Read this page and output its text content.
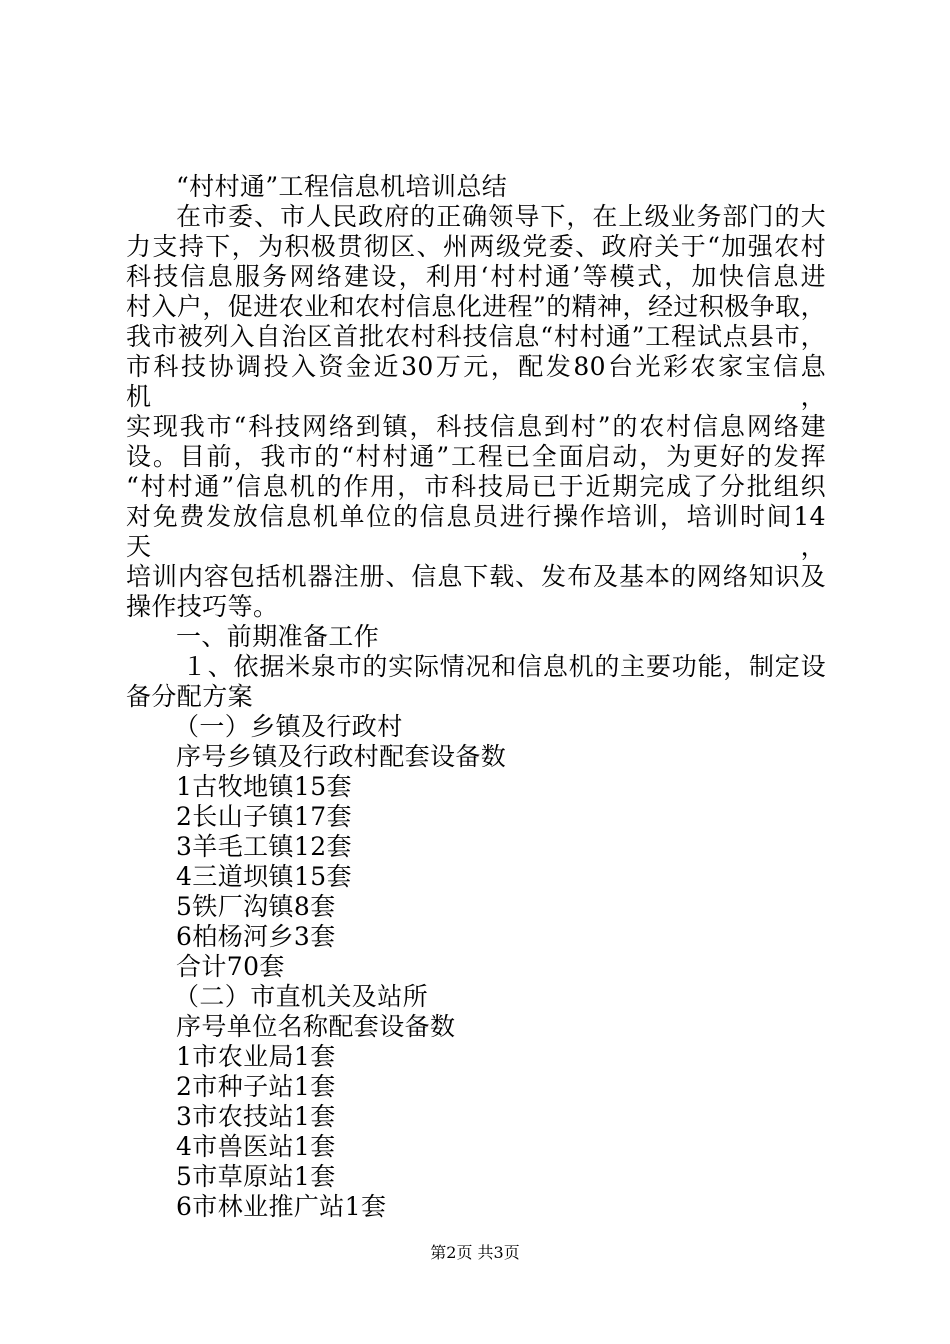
“村村通”工程信息机培训总结
在市委、市人民政府的正确领导下，在上级业务部门的大
力支持下，为积极贯彻区、州两级党委、政府关于“加强农村
科技信息服务网络建设，利用‘村村通’等模式，加快信息进
村入户，促进农业和农村信息化进程”的精神，经过积极争取，
我市被列入自治区首批农村科技信息“村村通”工程试点县市，
市科技协调投入资金近30万元，配发80台光彩农家宝信息机，
实现我市“科技网络到镇，科技信息到村”的农村信息网络建
设。目前，我市的“村村通”工程已全面启动，为更好的发挥
“村村通”信息机的作用，市科技局已于近期完成了分批组织
对免费发放信息机单位的信息员进行操作培训，培训时间14天，
培训内容包括机器注册、信息下载、发布及基本的网络知识及
操作技巧等。
一、前期准备工作
１、依据米泉市的实际情况和信息机的主要功能，制定设
备分配方案
（一）乡镇及行政村
序号乡镇及行政村配套设备数
1古牧地镇15套
2长山子镇17套
3羊毛工镇12套
4三道坝镇15套
5铁厂沟镇8套
6柏杨河乡3套
合计70套
（二）市直机关及站所
序号单位名称配套设备数
1市农业局1套
2市种子站1套
3市农技站1套
4市兽医站1套
5市草原站1套
6市林业推广站1套
第2页 共3页
